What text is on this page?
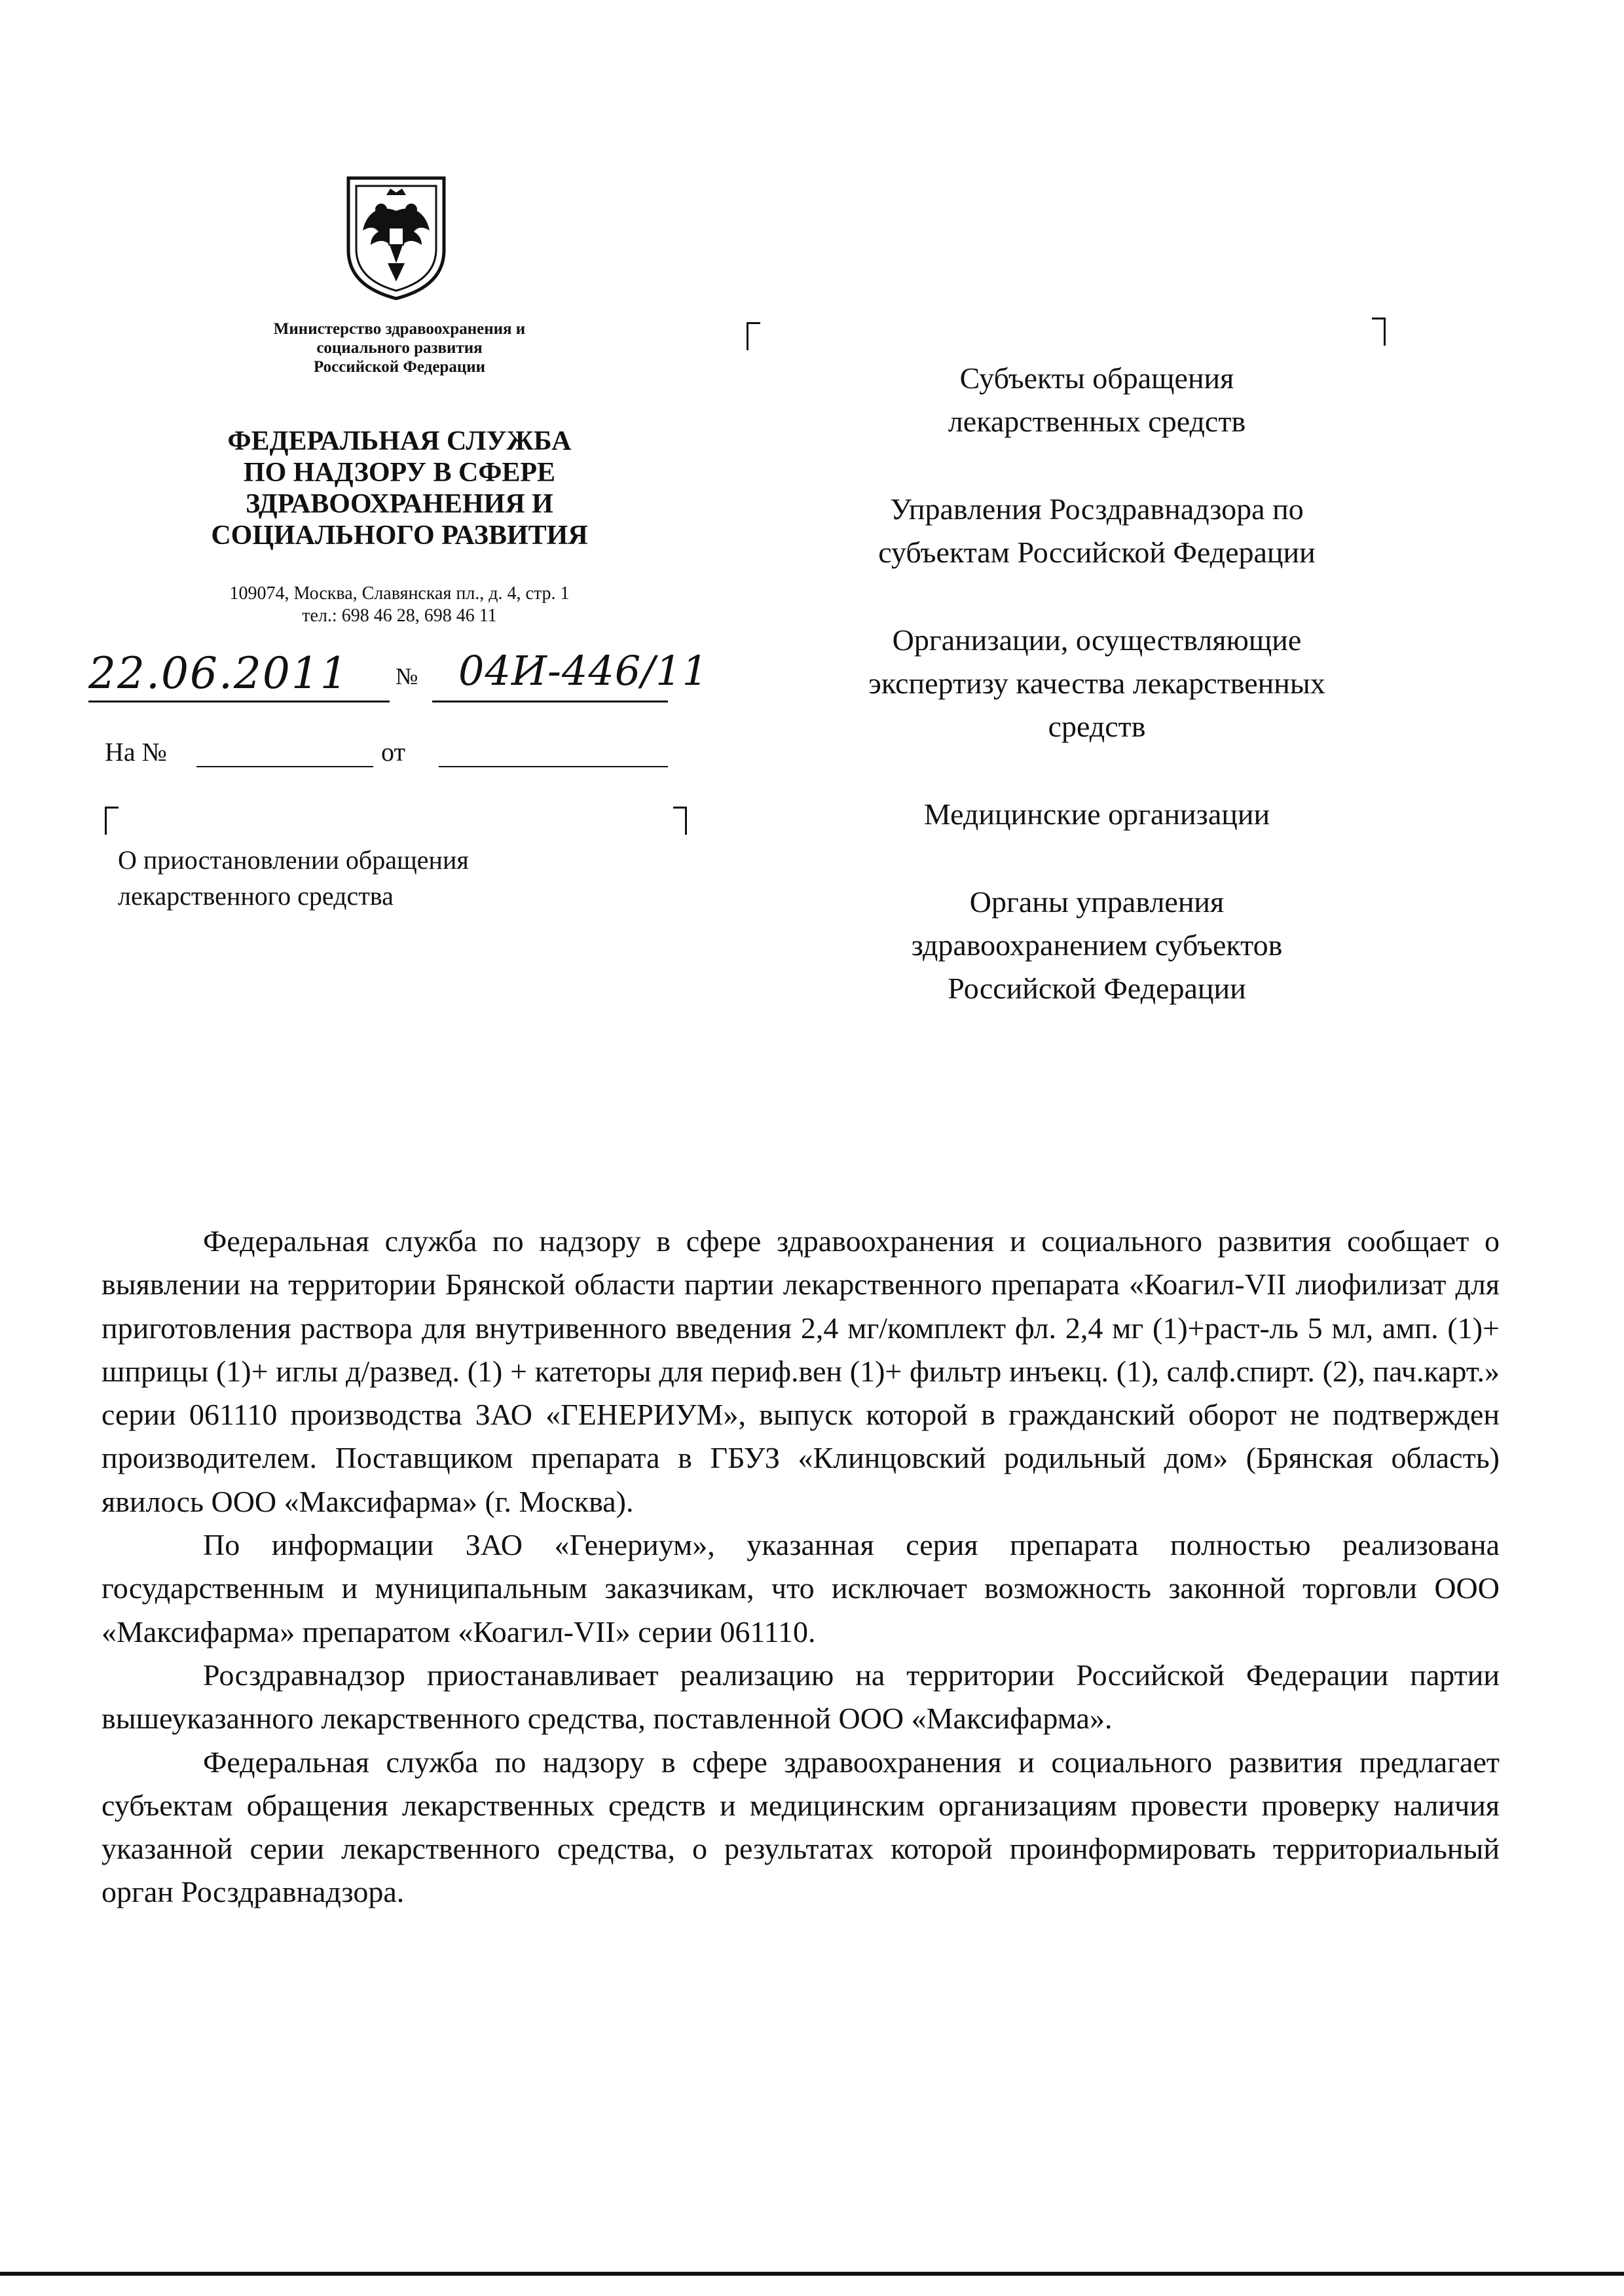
Министерство здравоохранения и
социального развития
Российской Федерации
ФЕДЕРАЛЬНАЯ СЛУЖБА
ПО НАДЗОРУ В СФЕРЕ
ЗДРАВООХРАНЕНИЯ И
СОЦИАЛЬНОГО РАЗВИТИЯ
109074, Москва, Славянская пл., д. 4, стр. 1
тел.: 698 46 28, 698 46 11
22.06.2011 № 04И-446/11
На №	от
О приостановлении обращения
лекарственного средства

Субъекты обращения
лекарственных средств

Управления Росздравнадзора по
субъектам Российской Федерации

Организации, осуществляющие
экспертизу качества лекарственных
средств

Медицинские организации

Органы управления
здравоохранением субъектов
Российской Федерации

Федеральная служба по надзору в сфере здравоохранения и социального развития сообщает о выявлении на территории Брянской области партии лекарственного препарата «Коагил-VII лиофилизат для приготовления раствора для внутривенного введения 2,4 мг/комплект фл. 2,4 мг (1)+раст-ль 5 мл, амп. (1)+ шприцы (1)+ иглы д/развед. (1) + катеторы для периф.вен (1)+ фильтр инъекц. (1), салф.спирт. (2), пач.карт.» серии 061110 производства ЗАО «ГЕНЕРИУМ», выпуск которой в гражданский оборот не подтвержден производителем. Поставщиком препарата в ГБУЗ «Клинцовский родильный дом» (Брянская область) явилось ООО «Максифарма» (г. Москва).

По информации ЗАО «Генериум», указанная серия препарата полностью реализована государственным и муниципальным заказчикам, что исключает возможность законной торговли ООО «Максифарма» препаратом «Коагил-VII» серии 061110.

Росздравнадзор приостанавливает реализацию на территории Российской Федерации партии вышеуказанного лекарственного средства, поставленной ООО «Максифарма».

Федеральная служба по надзору в сфере здравоохранения и социального развития предлагает субъектам обращения лекарственных средств и медицинским организациям провести проверку наличия указанной серии лекарственного средства, о результатах которой проинформировать территориальный орган Росздравнадзора.
